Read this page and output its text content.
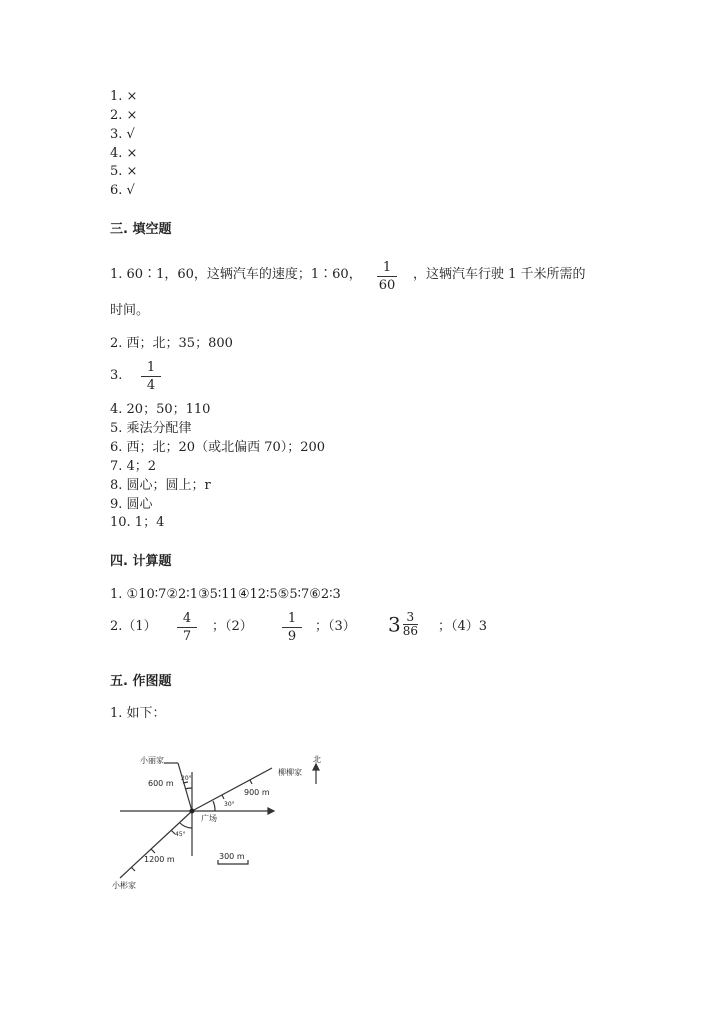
1. ×
2. ×
3. √
4. ×
5. ×
6. √
三. 填空题
1. 60∶1，60，这辆汽车的速度；1∶60，	1
60
，这辆汽车行驶 1 千米所需的
时间。
2. 西；北；35；800
3.
1
4
4. 20；50；110
5. 乘法分配律
6. 西；北；20（或北偏西 70）；200
7. 4；2
8. 圆心；圆上；r
9. 圆心
10. 1；4
四. 计算题
1. ①10∶7②2∶1③5∶11④12∶5⑤5∶7⑥2∶3
2.（1）
4
7
；（2）
1
9
；（3） $3 \frac{3}{86}$ ；（4）3
五. 作图题
1. 如下：
小丽家
柳柳家
小彬家
广场
北
600 m
900 m
1200 m	300 m
20°
30°
45°
